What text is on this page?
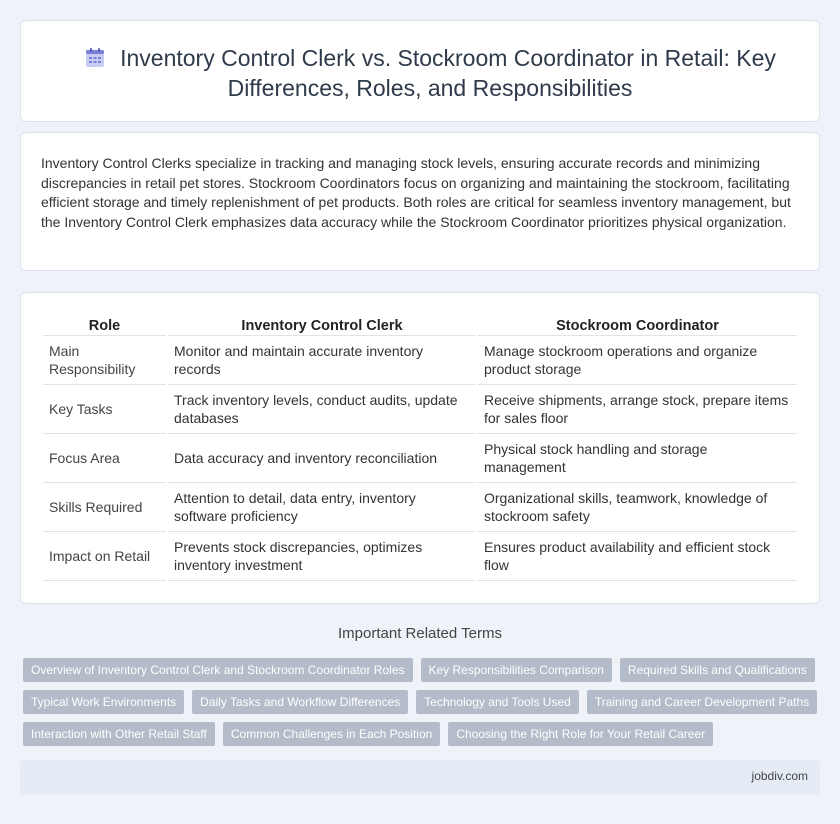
Inventory Control Clerk vs. Stockroom Coordinator in Retail: Key Differences, Roles, and Responsibilities

Inventory Control Clerks specialize in tracking and managing stock levels, ensuring accurate records and minimizing discrepancies in retail pet stores. Stockroom Coordinators focus on organizing and maintaining the stockroom, facilitating efficient storage and timely replenishment of pet products. Both roles are critical for seamless inventory management, but the Inventory Control Clerk emphasizes data accuracy while the Stockroom Coordinator prioritizes physical organization.

Role	Inventory Control Clerk	Stockroom Coordinator
Main Responsibility	Monitor and maintain accurate inventory records	Manage stockroom operations and organize product storage
Key Tasks	Track inventory levels, conduct audits, update databases	Receive shipments, arrange stock, prepare items for sales floor
Focus Area	Data accuracy and inventory reconciliation	Physical stock handling and storage management
Skills Required	Attention to detail, data entry, inventory software proficiency	Organizational skills, teamwork, knowledge of stockroom safety
Impact on Retail	Prevents stock discrepancies, optimizes inventory investment	Ensures product availability and efficient stock flow
Important Related Terms
Overview of Inventory Control Clerk and Stockroom Coordinator Roles	Key Responsibilities Comparison	Required Skills and Qualifications
Typical Work Environments	Daily Tasks and Workflow Differences	Technology and Tools Used	Training and Career Development Paths
Interaction with Other Retail Staff	Common Challenges in Each Position	Choosing the Right Role for Your Retail Career
jobdiv.com
